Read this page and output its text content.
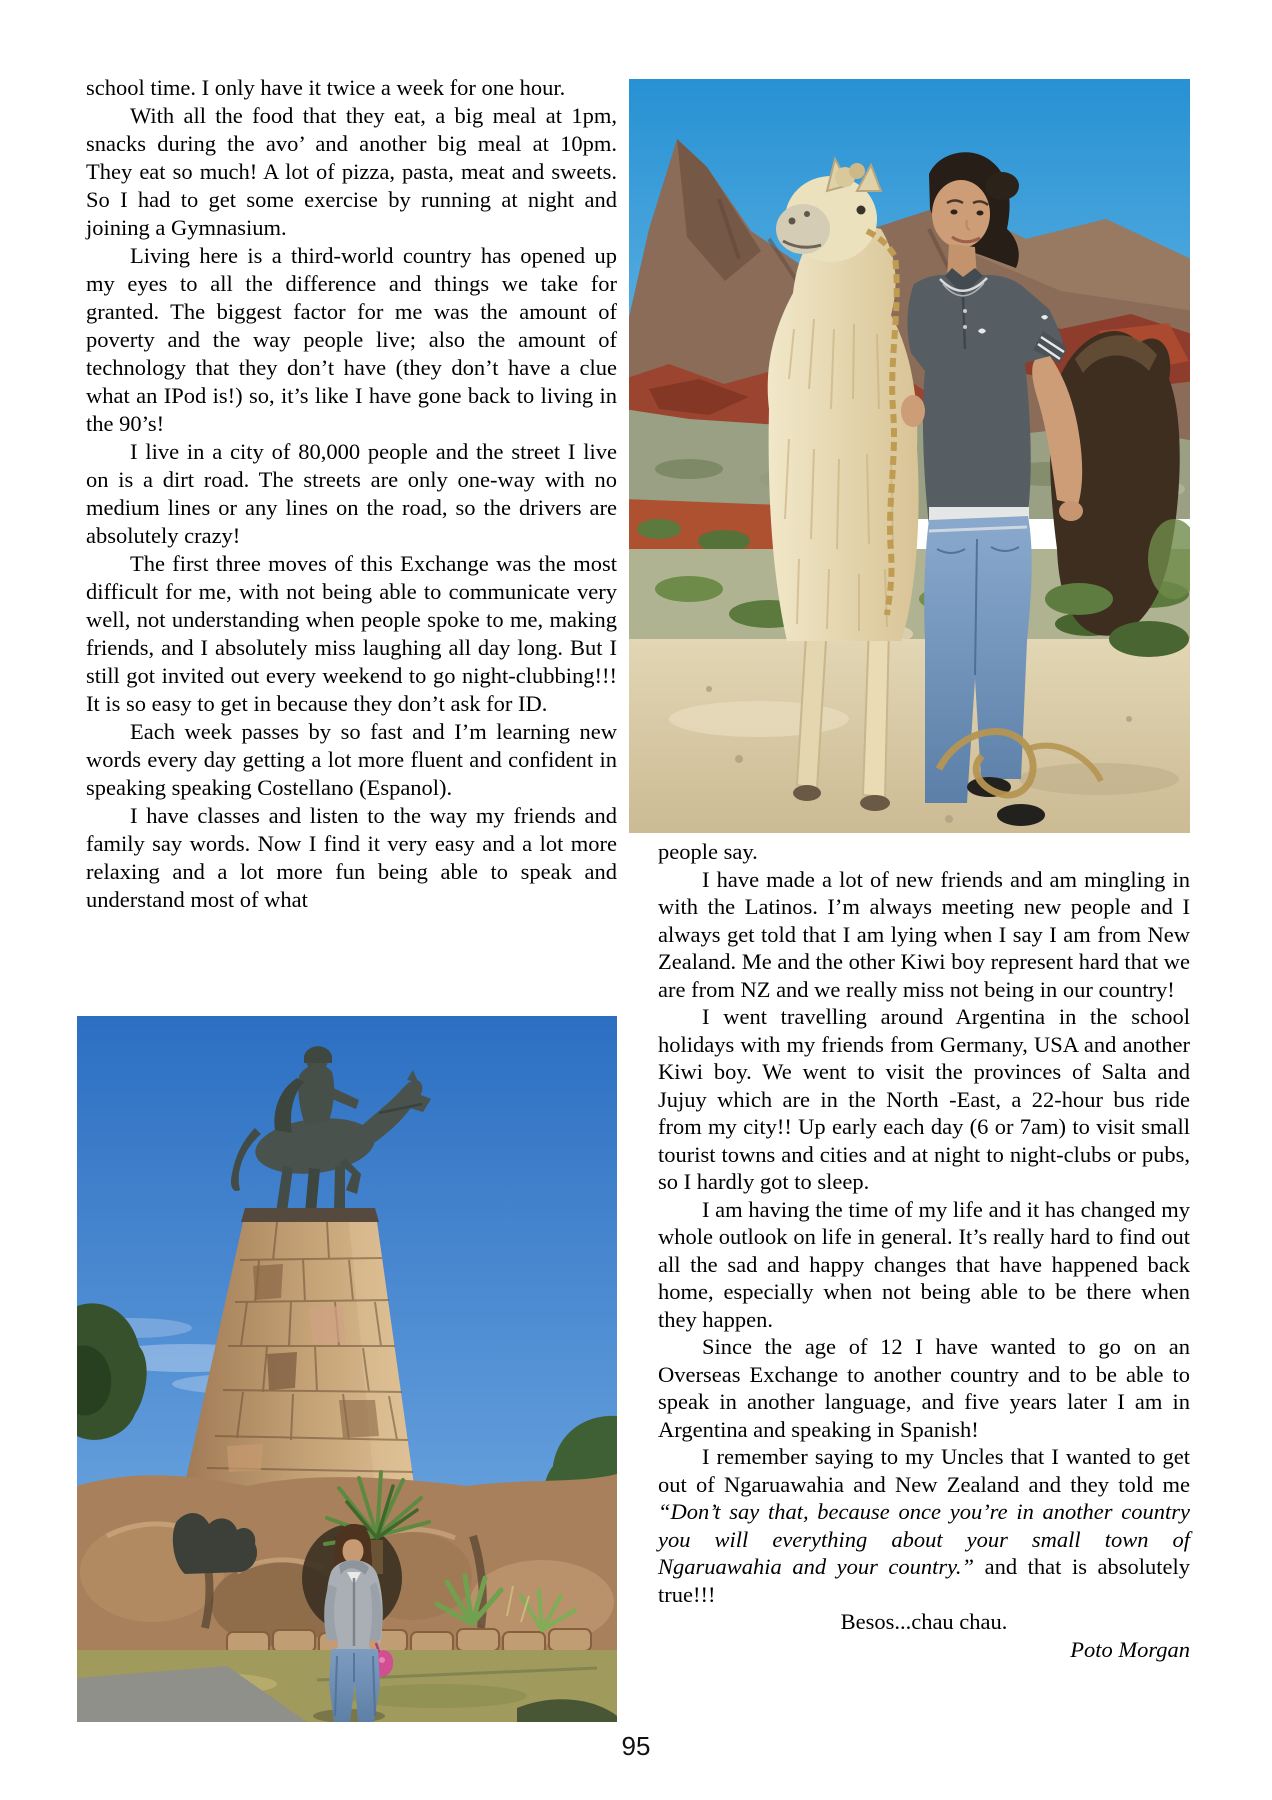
school time. I only have it twice a week for one hour.

With all the food that they eat, a big meal at 1pm, snacks during the avo’ and another big meal at 10pm. They eat so much! A lot of pizza, pasta, meat and sweets. So I had to get some exercise by running at night and joining a Gymnasium.

Living here is a third-world country has opened up my eyes to all the difference and things we take for granted. The biggest factor for me was the amount of poverty and the way people live; also the amount of technology that they don’t have (they don’t have a clue what an IPod is!) so, it’s like I have gone back to living in the 90’s!

I live in a city of 80,000 people and the street I live on is a dirt road. The streets are only one-way with no medium lines or any lines on the road, so the drivers are absolutely crazy!

The first three moves of this Exchange was the most difficult for me, with not being able to communicate very well, not understanding when people spoke to me, making friends, and I absolutely miss laughing all day long. But I still got invited out every weekend to go night-clubbing!!! It is so easy to get in because they don’t ask for ID.

Each week passes by so fast and I’m learning new words every day getting a lot more fluent and confident in speaking speaking Costellano (Espanol).

I have classes and listen to the way my friends and family say words. Now I find it very easy and a lot more relaxing and a lot more fun being able to speak and understand most of what

people say.

I have made a lot of new friends and am mingling in with the Latinos. I’m always meeting new people and I always get told that I am lying when I say I am from New Zealand. Me and the other Kiwi boy represent hard that we are from NZ and we really miss not being in our country!

I went travelling around Argentina in the school holidays with my friends from Germany, USA and another Kiwi boy. We went to visit the provinces of Salta and Jujuy which are in the North -East, a 22-hour bus ride from my city!! Up early each day (6 or 7am) to visit small tourist towns and cities and at night to night-clubs or pubs, so I hardly got to sleep.

I am having the time of my life and it has changed my whole outlook on life in general. It’s really hard to find out all the sad and happy changes that have happened back home, especially when not being able to be there when they happen.

Since the age of 12 I have wanted to go on an Overseas Exchange to another country and to be able to speak in another language, and five years later I am in Argentina and speaking in Spanish!

I remember saying to my Uncles that I wanted to get out of Ngaruawahia and New Zealand and they told me “Don’t say that, because once you’re in another country you will everything about your small town of Ngaruawahia and your country.” and that is absolutely true!!!

Besos...chau chau.

Poto Morgan

95
